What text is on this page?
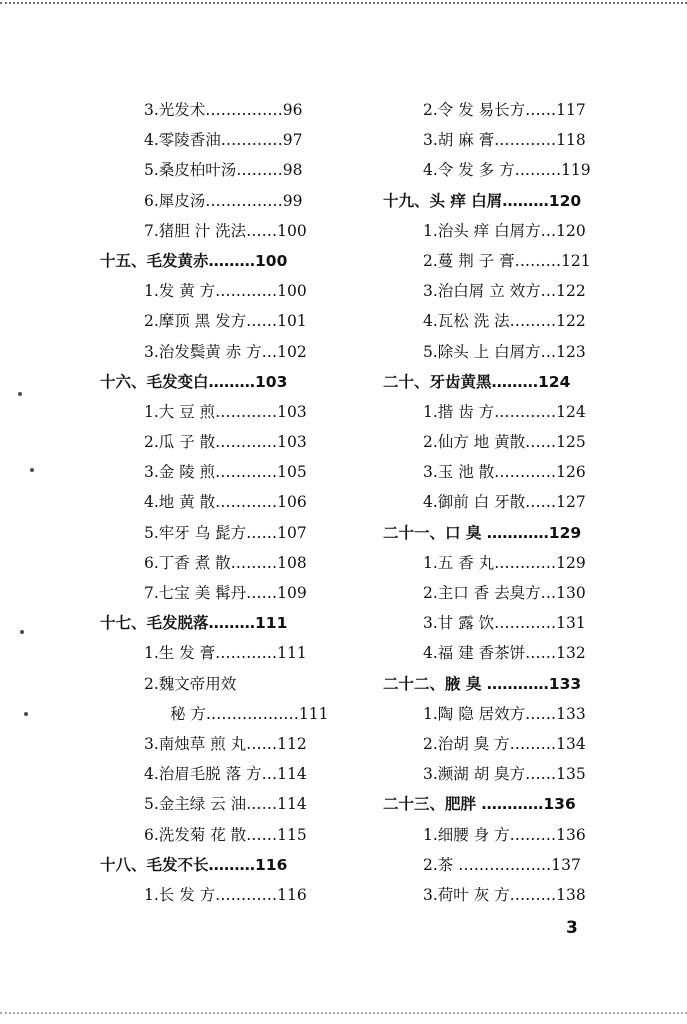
3.光发术……………96
4.零陵香油…………97
5.桑皮柏叶汤………98
6.犀皮汤……………99
7.猪胆 汁 洗法……100
十五、毛发黄赤………100
1.发 黄 方…………100
2.摩顶 黑 发方……101
3.治发鬓黄 赤 方…102
十六、毛发变白………103
1.大 豆 煎…………103
2.瓜 子 散…………103
3.金 陵 煎…………105
4.地 黄 散…………106
5.牢牙 乌 髭方……107
6.丁香 煮 散………108
7.七宝 美 髯丹……109
十七、毛发脱落………111
1.生 发 膏…………111
2.魏文帝用效
秘 方………………111
3.南烛草 煎 丸……112
4.治眉毛脱 落 方…114
5.金主绿 云 油……114
6.洗发菊 花 散……115
十八、毛发不长………116
1.长 发 方…………116
2.令 发 易长方……117
3.胡 麻 膏…………118
4.令 发 多 方………119
十九、头 痒 白屑………120
1.治头 痒 白屑方…120
2.蔓 荆 子 膏………121
3.治白屑 立 效方…122
4.瓦松 洗 法………122
5.除头 上 白屑方…123
二十、牙齿黄黑………124
1.揩 齿 方…………124
2.仙方 地 黄散……125
3.玉 池 散…………126
4.御前 白 牙散……127
二十一、口 臭 …………129
1.五 香 丸…………129
2.主口 香 去臭方…130
3.甘 露 饮…………131
4.福 建 香茶饼……132
二十二、腋 臭 …………133
1.陶 隐 居效方……133
2.治胡 臭 方………134
3.濒湖 胡 臭方……135
二十三、肥胖 …………136
1.细腰 身 方………136
2.茶 ………………137
3.荷叶 灰 方………138
3
